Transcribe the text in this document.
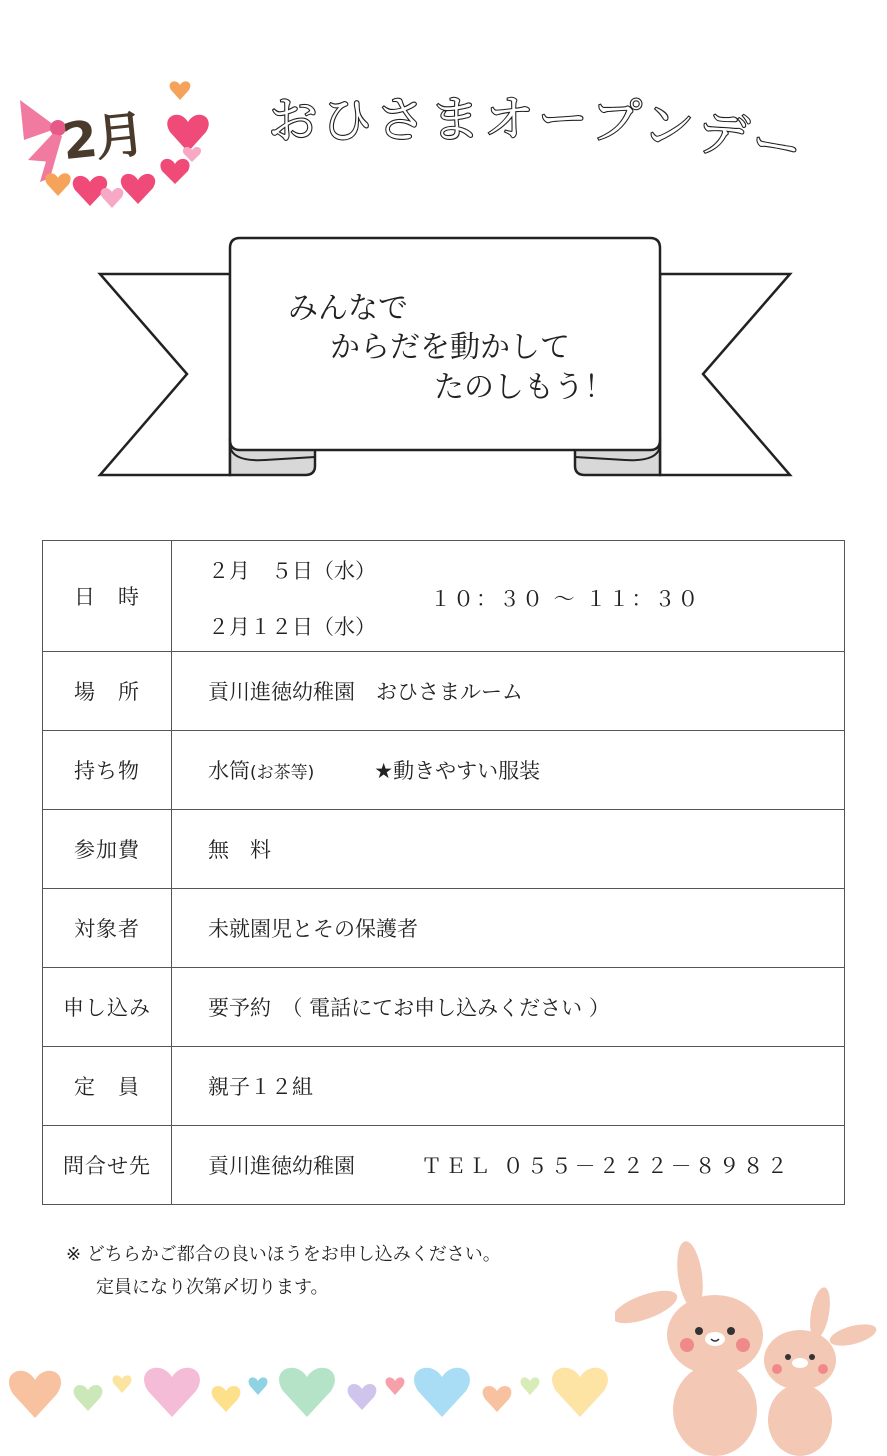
2月 おひさまオープンデー
みんなで
からだを動かして
たのしもう！
日　時	２月　５日（水）
２月１２日（水）
１０：３０ ～ １１：３０

場　所	貢川進徳幼稚園　おひさまルーム
持ち物	水筒(お茶等) ★動きやすい服装
参加費	無　料
対象者	未就園児とその保護者
申し込み	要予約　（ 電話にてお申し込みください ）
定　員	親子１２組
問合せ先	貢川進徳幼稚園 ＴＥＬ ０５５－２２２－８９８２
※ どちらかご都合の良いほうをお申し込みください。
定員になり次第〆切ります。
